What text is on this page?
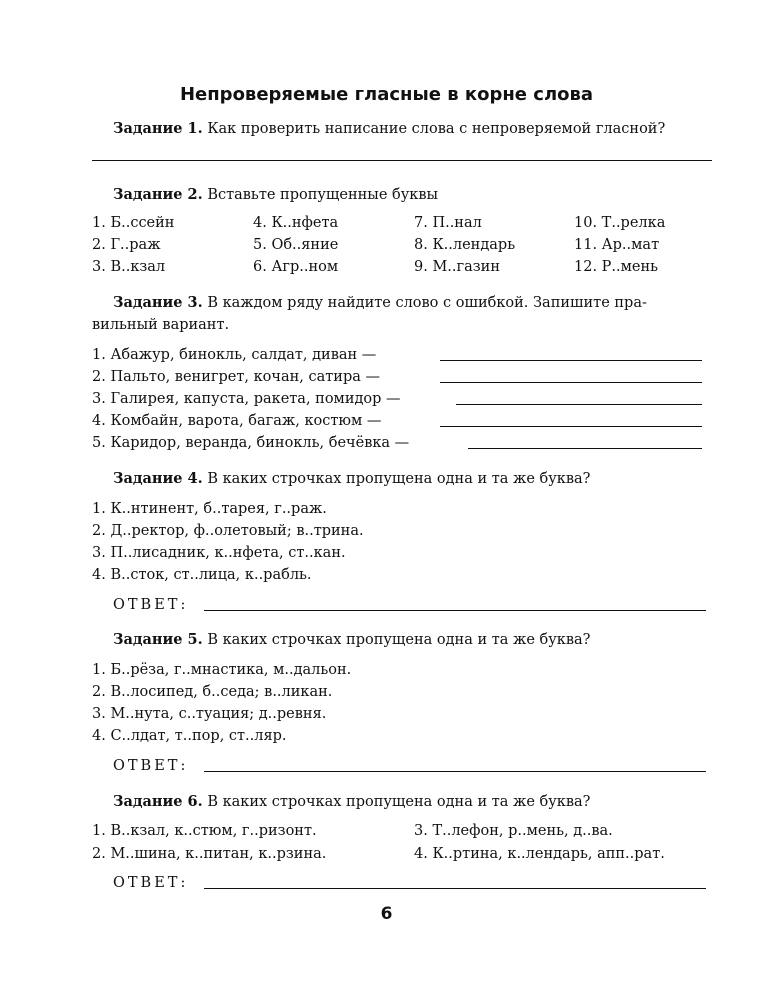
Непроверяемые гласные в корне слова
Задание 1. Как проверить написание слова с непроверяемой гласной?
Задание 2. Вставьте пропущенные буквы
1. Б..ссейн	4. К..нфета	7. П..нал	10. Т..релка
2. Г..раж	5. Об..яние	8. К..лендарь	11. Ар..мат
3. В..кзал	6. Агр..ном	9. М..газин	12. Р..мень
Задание 3. В каждом ряду найдите слово с ошибкой. Запишите пра-
вильный вариант.
1. Абажур, бинокль, салдат, диван —
2. Пальто, венигрет, кочан, сатира —
3. Галирея, капуста, ракета, помидор —
4. Комбайн, варота, багаж, костюм —
5. Каридор, веранда, бинокль, бечёвка —
Задание 4. В каких строчках пропущена одна и та же буква?
1. К..нтинент, б..тарея, г..раж.
2. Д..ректор, ф..олетовый; в..трина.
3. П..лисадник, к..нфета, ст..кан.
4. В..сток, ст..лица, к..рабль.
ОТВЕТ:
Задание 5. В каких строчках пропущена одна и та же буква?
1. Б..рёза, г..мнастика, м..дальон.
2. В..лосипед, б..седа; в..ликан.
3. М..нута, с..туация; д..ревня.
4. С..лдат, т..пор, ст..ляр.
ОТВЕТ:
Задание 6. В каких строчках пропущена одна и та же буква?
1. В..кзал, к..стюм, г..ризонт.	3. Т..лефон, р..мень, д..ва.
2. М..шина, к..питан, к..рзина.	4. К..ртина, к..лендарь, апп..рат.
ОТВЕТ:
6
